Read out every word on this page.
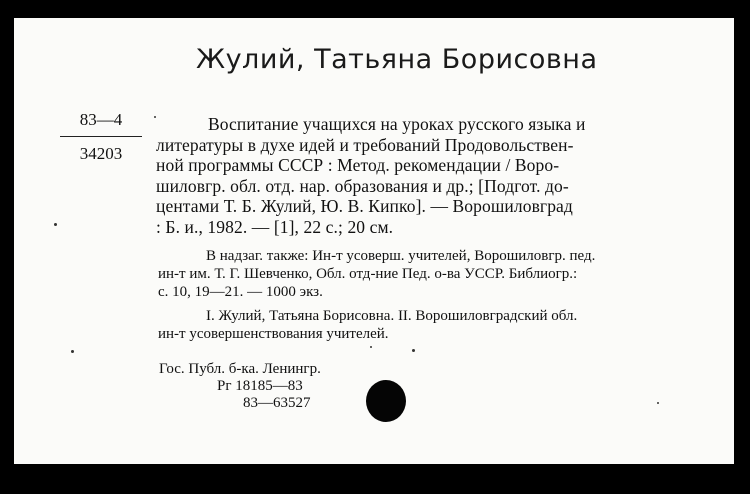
Жулий, Татьяна Борисовна
83—4
34203
Воспитание учащихся на уроках русского языка и
литературы в духе идей и требований Продовольствен-
ной программы СССР : Метод. рекомендации / Воро-
шиловгр. обл. отд. нар. образования и др.; [Подгот. до-
центами Т. Б. Жулий, Ю. В. Кипко]. — Ворошиловград
: Б. и., 1982. — [1], 22 с.; 20 см.
В надзаг. также: Ин-т усоверш. учителей, Ворошиловгр. пед.
ин-т им. Т. Г. Шевченко, Обл. отд-ние Пед. о-ва УССР. Библиогр.:
с. 10, 19—21. — 1000 экз.
I. Жулий, Татьяна Борисовна. II. Ворошиловградский обл.
ин-т усовершенствования учителей.
Гос. Публ. б-ка. Ленингр.
Рг 18185—83
83—63527
